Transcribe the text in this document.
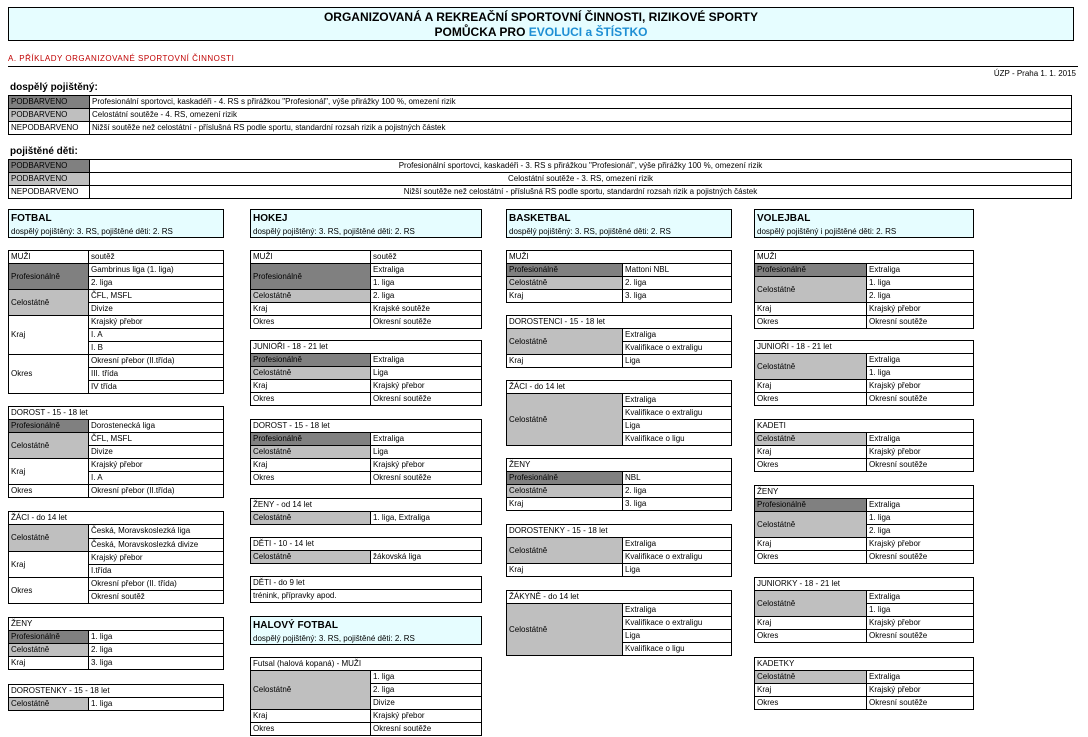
ORGANIZOVANÁ A REKREAČNÍ SPORTOVNÍ ČINNOSTI, RIZIKOVÉ SPORTY
POMŮCKA PRO EVOLUCI a ŠTÍSTKO
A. PŘÍKLADY ORGANIZOVANÉ SPORTOVNÍ ČINNOSTI
ÚZP - Praha 1. 1. 2015
dospělý pojištěný:
PODBARVENO	Profesionální sportovci, kaskadéři - 4. RS s přirážkou "Profesionál", výše přirážky 100 %, omezení rizik
PODBARVENO	Celostátní soutěže - 4. RS, omezení rizik
NEPODBARVENO	Nižší soutěže než celostátní - příslušná RS podle sportu, standardní rozsah rizik a pojistných částek
pojištěné děti:
PODBARVENO	Profesionální sportovci, kaskadéři - 3. RS s přirážkou "Profesionál", výše přirážky 100 %, omezení rizik
PODBARVENO	Celostátní soutěže - 3. RS, omezení rizik
NEPODBARVENO	Nižší soutěže než celostátní - příslušná RS podle sportu, standardní rozsah rizik a pojistných částek
FOTBAL
dospělý pojištěný: 3. RS, pojištěné děti: 2. RS
MUŽI	soutěž
Profesionálně	Gambrinus liga (1. liga)
	2. liga
Celostátně	ČFL, MSFL
	Divize
Kraj	Krajský přebor
	I. A
	I. B
Okres	Okresní přebor (II.třída)
	III. třída
	IV třída
DOROST - 15 - 18 let	
Profesionálně	Dorostenecká liga
Celostátně	ČFL, MSFL
	Divize
Kraj	Krajský přebor
	I. A
Okres	Okresní přebor (II.třída)
ŽÁCI - do 14 let	
Celostátně	Česká, Moravskoslezká liga
	Česká, Moravskoslezká divize
Kraj	Krajský přebor
	I.třída
Okres	Okresní přebor (II. třída)
	Okresní soutěž
ŽENY	
Profesionálně	1. liga
Celostátně	2. liga
Kraj	3. liga
DOROSTENKY - 15 - 18 let
Celostátně	1. liga
HOKEJ
dospělý pojištěný: 3. RS, pojištěné děti: 2. RS
MUŽI	soutěž
Profesionálně	Extraliga
	1. liga
Celostátně	2. liga
Kraj	Krajské soutěže
Okres	Okresní soutěže
JUNIOŘI - 18 - 21 let	
Profesionálně	Extraliga
Celostátně	Liga
Kraj	Krajský přebor
Okres	Okresní soutěže
DOROST - 15 - 18 let	
Profesionálně	Extraliga
Celostátně	Liga
Kraj	Krajský přebor
Okres	Okresní soutěže
ŽENY - od 14 let
Celostátně	1. liga, Extraliga
DĚTI - 10 - 14 let
Celostátně	žákovská liga
DĚTI - do 9 let
trénink, přípravky apod.
HALOVÝ FOTBAL
dospělý pojištěný: 3. RS, pojištěné děti: 2. RS
Futsal (halová kopaná) - MUŽI	
Celostátně	1. liga
	2. liga
	Divize
Kraj	Krajský přebor
Okres	Okresní soutěže
BASKETBAL
dospělý pojištěný: 3. RS, pojištěné děti: 2. RS
MUŽI	
Profesionálně	Mattoni NBL
Celostátně	2. liga
Kraj	3. liga
DOROSTENCI - 15 - 18 let	
Celostátně	Extraliga
	Kvalifikace o extraligu
Kraj	Liga
ŽÁCI - do 14 let
Celostátně	Extraliga
Kvalifikace o extraligu
Liga
Kvalifikace o ligu
ŽENY	
Profesionálně	NBL
Celostátně	2. liga
Kraj	3. liga
DOROSTENKY - 15 - 18 let	
Celostátně	Extraliga
	Kvalifikace o extraligu
Kraj	Liga
ŽÁKYNĚ - do 14 let
Celostátně	Extraliga
Kvalifikace o extraligu
Liga
Kvalifikace o ligu
VOLEJBAL
dospělý pojištěný i pojištěné děti: 2. RS
MUŽI	
Profesionálně	Extraliga
Celostátně	1. liga
	2. liga
Kraj	Krajský přebor
Okres	Okresní soutěže
JUNIOŘI - 18 - 21 let	
Celostátně	Extraliga
	1. liga
Kraj	Krajský přebor
Okres	Okresní soutěže
KADETI	
Celostátně	Extraliga
Kraj	Krajský přebor
Okres	Okresní soutěže
ŽENY	
Profesionálně	Extraliga
Celostátně	1. liga
	2. liga
Kraj	Krajský přebor
Okres	Okresní soutěže
JUNIORKY - 18 - 21 let	
Celostátně	Extraliga
	1. liga
Kraj	Krajský přebor
Okres	Okresní soutěže
KADETKY	
Celostátně	Extraliga
Kraj	Krajský přebor
Okres	Okresní soutěže
